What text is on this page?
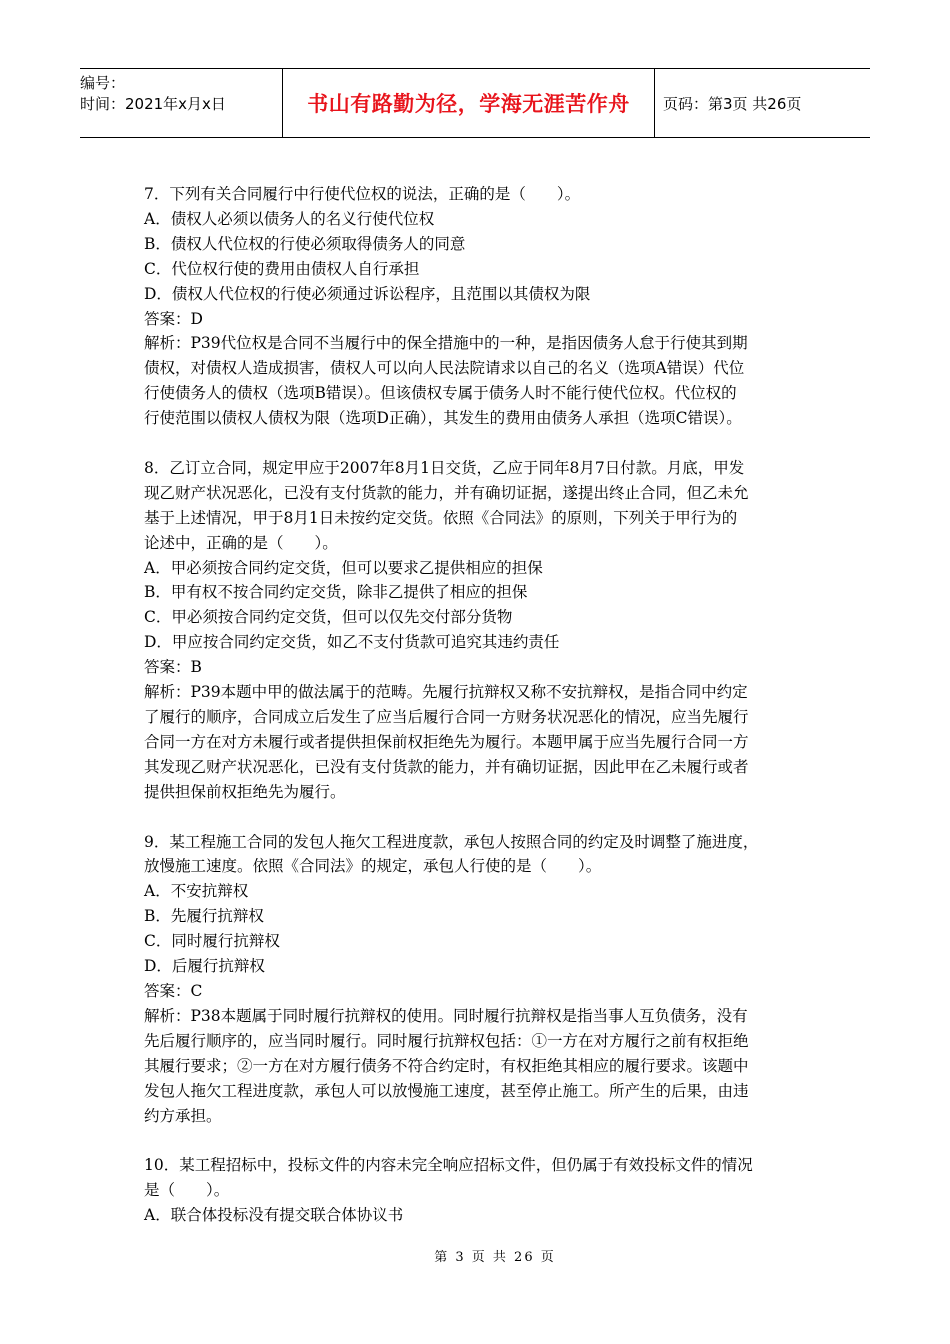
编号：
时间：2021年x月x日	书山有路勤为径，学海无涯苦作舟 页码：第3页 共26页

7．下列有关合同履行中行使代位权的说法，正确的是（　　）。

A．债权人必须以债务人的名义行使代位权

B．债权人代位权的行使必须取得债务人的同意

C．代位权行使的费用由债权人自行承担

D．债权人代位权的行使必须通过诉讼程序，且范围以其债权为限

答案：D

解析：P39代位权是合同不当履行中的保全措施中的一种，是指因债务人怠于行使其到期

债权，对债权人造成损害，债权人可以向人民法院请求以自己的名义（选项A错误）代位

行使债务人的债权（选项B错误）。但该债权专属于债务人时不能行使代位权。代位权的

行使范围以债权人债权为限（选项D正确），其发生的费用由债务人承担（选项C错误）。

8．乙订立合同，规定甲应于2007年8月1日交货，乙应于同年8月7日付款。月底，甲发

现乙财产状况恶化，已没有支付货款的能力，并有确切证据，遂提出终止合同，但乙未允

基于上述情况，甲于8月1日未按约定交货。依照《合同法》的原则，下列关于甲行为的

论述中，正确的是（　　）。

A．甲必须按合同约定交货，但可以要求乙提供相应的担保

B．甲有权不按合同约定交货，除非乙提供了相应的担保

C．甲必须按合同约定交货，但可以仅先交付部分货物

D．甲应按合同约定交货，如乙不支付货款可追究其违约责任

答案：B

解析：P39本题中甲的做法属于的范畴。先履行抗辩权又称不安抗辩权，是指合同中约定

了履行的顺序，合同成立后发生了应当后履行合同一方财务状况恶化的情况，应当先履行

合同一方在对方未履行或者提供担保前权拒绝先为履行。本题甲属于应当先履行合同一方

其发现乙财产状况恶化，已没有支付货款的能力，并有确切证据，因此甲在乙未履行或者

提供担保前权拒绝先为履行。

9．某工程施工合同的发包人拖欠工程进度款，承包人按照合同的约定及时调整了施进度，

放慢施工速度。依照《合同法》的规定，承包人行使的是（　　）。

A．不安抗辩权

B．先履行抗辩权

C．同时履行抗辩权

D．后履行抗辩权

答案：C

解析：P38本题属于同时履行抗辩权的使用。同时履行抗辩权是指当事人互负债务，没有

先后履行顺序的，应当同时履行。同时履行抗辩权包括：①一方在对方履行之前有权拒绝

其履行要求；②一方在对方履行债务不符合约定时，有权拒绝其相应的履行要求。该题中

发包人拖欠工程进度款，承包人可以放慢施工速度，甚至停止施工。所产生的后果，由违

约方承担。

10．某工程招标中，投标文件的内容未完全响应招标文件，但仍属于有效投标文件的情况

是（　　）。

A．联合体投标没有提交联合体协议书

第 3 页 共 26 页
